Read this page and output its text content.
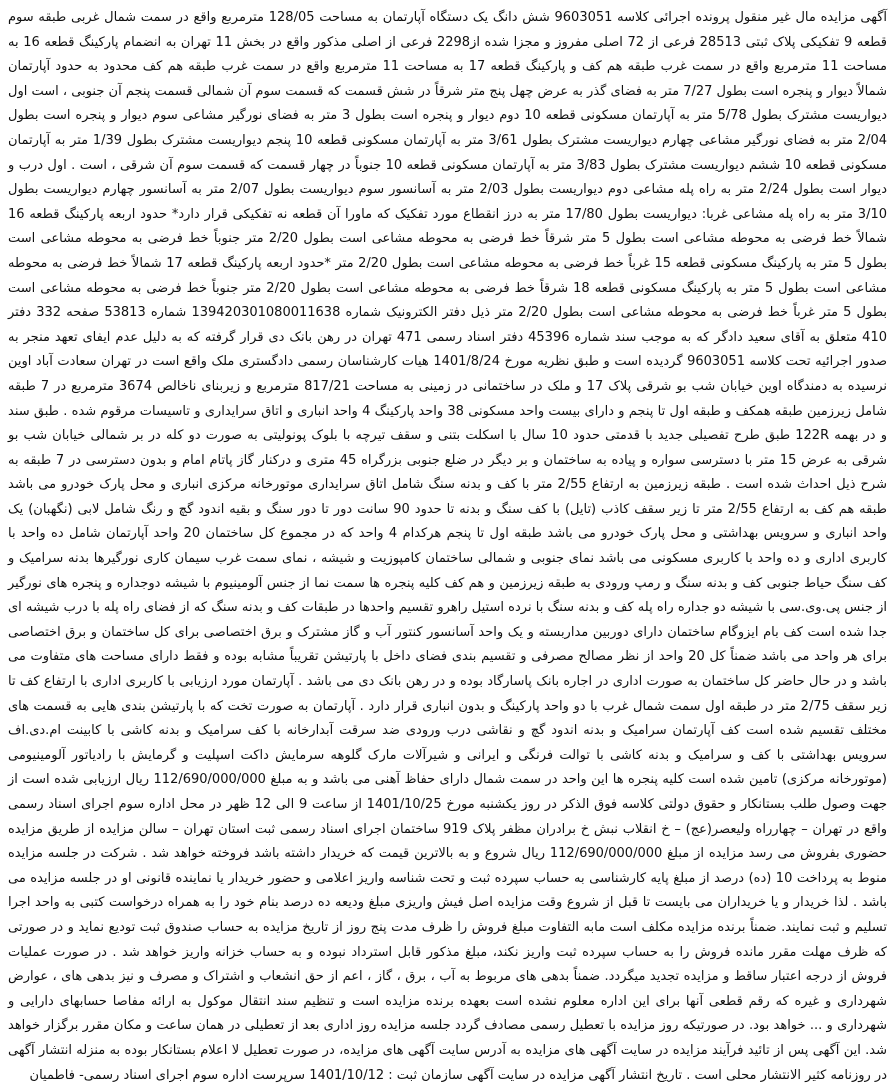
آگهی مزایده مال غیر منقول پرونده اجرائی کلاسه 9603051 شش دانگ یک دستگاه آپارتمان به مساحت 128/05 مترمربع واقع در سمت شمال غربی طبقه سوم قطعه 9 تفکیکی پلاک ثبتی 28513 فرعی از 72 اصلی مفروز و مجزا شده از2298 فرعی از اصلی مذکور واقع در بخش 11 تهران به انضمام پارکینگ قطعه 16 به مساحت 11 مترمربع واقع در سمت غرب طبقه هم کف و پارکینگ قطعه 17 به مساحت 11 مترمربع واقع در سمت غرب طبقه هم کف محدود به حدود آپارتمان شمالاً دیوار و پنجره است بطول 7/27 متر به فضای گذر به عرض چهل پنج متر شرقاً در شش قسمت که قسمت سوم آن شمالی قسمت پنجم آن جنوبی ، است اول دیواریست مشترک بطول 5/78 متر به آپارتمان مسکونی قطعه 10 دوم دیوار و پنجره است بطول 3 متر به فضای نورگیر مشاعی سوم دیوار و پنجره است بطول 2/04 متر به فضای نورگیر مشاعی چهارم دیواریست مشترک بطول 3/61 متر به آپارتمان مسکونی قطعه 10 پنجم دیواریست مشترک بطول 1/39 متر به آپارتمان مسکونی قطعه 10 ششم دیواریست مشترک بطول 3/83 متر به آپارتمان مسکونی قطعه 10 جنوباً در چهار قسمت که قسمت سوم آن شرقی ، است . اول درب و دیوار است بطول 2/24 متر به راه پله مشاعی دوم دیواریست بطول 2/03 متر به آسانسور سوم دیواریست بطول 2/07 متر به آسانسور چهارم دیواریست بطول 3/10 متر به راه پله مشاعی غربا: دیواریست بطول 17/80 متر به درز انقطاع مورد تفکیک که ماورا آن قطعه نه تفکیکی قرار دارد* حدود اربعه پارکینگ قطعه 16 شمالاً خط فرضی به محوطه مشاعی است بطول 5 متر شرقاً خط فرضی به محوطه مشاعی است بطول 2/20 متر جنوباً خط فرضی به محوطه مشاعی است بطول 5 متر به پارکینگ مسکونی قطعه 15 غرباً خط فرضی به محوطه مشاعی است بطول 2/20 متر *حدود اربعه پارکینگ قطعه 17 شمالاً خط فرضی به محوطه مشاعی است بطول 5 متر به پارکینگ مسکونی قطعه 18 شرقاً خط فرضی به محوطه مشاعی است بطول 2/20 متر جنوباً خط فرضی به محوطه مشاعی است بطول 5 متر غرباً خط فرضی به محوطه مشاعی است بطول 2/20 متر ذیل دفتر الکترونیک شماره 139420301080011638 شماره 53813 صفحه 332 دفتر 410 متعلق به آقای سعید دادگر که به موجب سند شماره 45396 دفتر اسناد رسمی 471 تهران در رهن بانک دی قرار گرفته که به دلیل عدم ایفای تعهد منجر به صدور اجرائیه تحت کلاسه 9603051 گردیده است و طبق نظریه مورخ 1401/8/24 هیات کارشناسان رسمی دادگستری ملک واقع است در تهران سعادت آباد اوین نرسیده به دمندگاه اوین خیابان شب بو شرقی پلاک 17 و ملک در ساختمانی در زمینی به مساحت 817/21 مترمربع و زیربنای ناخالص 3674 مترمربع در 7 طبقه شامل زیرزمین طبقه همکف و طبقه اول تا پنجم و دارای بیست واحد مسکونی 38 واحد پارکینگ 4 واحد انباری و اتاق سرایداری و تاسیسات مرقوم شده . طبق سند و در بهمه 122R طبق طرح تفصیلی جدید با قدمتی حدود 10 سال با اسکلت بتنی و سقف تیرچه با بلوک پونولیتی به صورت دو کله در بر شمالی خیابان شب بو شرقی به عرض 15 متر با دسترسی سواره و پیاده به ساختمان و بر دیگر در ضلع جنوبی بزرگراه 45 متری و درکنار گاز پاتام امام و بدون دسترسی در 7 طبقه به شرح ذیل احداث شده است . طبقه زیرزمین به ارتفاع 2/55 متر با کف و بدنه سنگ شامل اتاق سرایداری موتورخانه مرکزی انباری و محل پارک خودرو می باشد طبقه هم کف به ارتفاع 2/55 متر تا زیر سقف کاذب (تایل) با کف سنگ و بدنه تا حدود 90 سانت دور تا دور سنگ و بقیه اندود گچ و رنگ شامل لابی (نگهبان) یک واحد انباری و سرویس بهداشتی و محل پارک خودرو می باشد طبقه اول تا پنجم هرکدام 4 واحد که در مجموع کل ساختمان 20 واحد آپارتمان شامل ده واحد با کاربری اداری و ده واحد با کاربری مسکونی می باشد نمای جنوبی و شمالی ساختمان کامپوزیت و شیشه ، نمای سمت غرب سیمان کاری نورگیرها بدنه سرامیک و کف سنگ حیاط جنوبی کف و بدنه سنگ و رمپ ورودی به طبقه زیرزمین و هم کف کلیه پنجره ها سمت نما از جنس آلومینیوم با شیشه دوجداره و پنجره های نورگیر از جنس پی.وی.سی با شیشه دو جداره راه پله کف و بدنه سنگ با نرده استیل راهرو تقسیم واحدها در طبقات کف و بدنه سنگ که از فضای راه پله با درب شیشه ای جدا شده است کف بام ایزوگام ساختمان دارای دوربین مداربسته و یک واحد آسانسور کنتور آب و گاز مشترک و برق اختصاصی برای کل ساختمان و برق اختصاصی برای هر واحد می باشد ضمناً کل 20 واحد از نظر مصالح مصرفی و تقسیم بندی فضای داخل با پارتیشن تقریباً مشابه بوده و فقط دارای مساحت های متفاوت می باشد و در حال حاضر کل ساختمان به صورت اداری در اجاره بانک پاسارگاد بوده و در رهن بانک دی می باشد . آپارتمان مورد ارزیابی با کاربری اداری با ارتفاع کف تا زیر سقف 2/75 متر در طبقه اول سمت شمال غرب با دو واحد پارکینگ و بدون انباری قرار دارد . آپارتمان به صورت تخت که با پارتیشن بندی هایی به قسمت های مختلف تقسیم شده است کف آپارتمان سرامیک و بدنه اندود گچ و نقاشی درب ورودی ضد سرقت آبدارخانه با کف سرامیک و بدنه کاشی با کابینت ام.دی.اف سرویس بهداشتی با کف و سرامیک و بدنه کاشی با توالت فرنگی و ایرانی و شیرآلات مارک گلوهه سرمایش داکت اسپلیت و گرمایش با رادیاتور آلومینیومی (موتورخانه مرکزی) تامین شده است کلیه پنجره ها این واحد در سمت شمال دارای حفاظ آهنی می باشد و به مبلغ 112/690/000/000 ریال ارزیابی شده است از جهت وصول طلب بستانکار و حقوق دولتی کلاسه فوق الذکر در روز یکشنبه مورخ 1401/10/25 از ساعت 9 الی 12 ظهر در محل اداره سوم اجرای اسناد رسمی واقع در تهران – چهارراه ولیعصر(عج) – خ انقلاب نبش خ برادران مظفر پلاک 919 ساختمان اجرای اسناد رسمی ثبت استان تهران – سالن مزایده از طریق مزایده حضوری بفروش می رسد مزایده از مبلغ 112/690/000/000 ریال شروع و به بالاترین قیمت که خریدار داشته باشد فروخته خواهد شد . شرکت در جلسه مزایده منوط به پرداخت 10 (ده) درصد از مبلغ پایه کارشناسی به حساب سپرده ثبت و تحت شناسه واریز اعلامی و حضور خریدار یا نماینده قانونی او در جلسه مزایده می باشد . لذا خریدار و یا خریداران می بایست تا قبل از شروع وقت مزایده اصل فیش واریزی مبلغ ودیعه ده درصد بنام خود را به همراه درخواست کتبی به واحد اجرا تسلیم و ثبت نمایند. ضمناً برنده مزایده مکلف است مابه التفاوت مبلغ فروش را ظرف مدت پنج روز از تاریخ مزایده به حساب صندوق ثبت تودیع نماید و در صورتی که ظرف مهلت مقرر مانده فروش را به حساب سپرده ثبت واریز نکند، مبلغ مذکور قابل استرداد نبوده و به حساب خزانه واریز خواهد شد . در صورت عملیات فروش از درجه اعتبار ساقط و مزایده تجدید میگردد. ضمناً بدهی های مربوط به آب ، برق ، گاز ، اعم از حق انشعاب و اشتراک و مصرف و نیز بدهی های ، عوارض شهرداری و غیره که رقم قطعی آنها برای این اداره معلوم نشده است بعهده برنده مزایده است و تنظیم سند انتقال موکول به ارائه مفاصا حسابهای دارایی و شهرداری و ... خواهد بود. در صورتیکه روز مزایده با تعطیل رسمی مصادف گردد جلسه مزایده روز اداری بعد از تعطیلی در همان ساعت و مکان مقرر برگزار خواهد شد. این آگهی پس از تائید فرآیند مزایده در سایت آگهی های مزایده به آدرس سایت آگهی های مزایده، در صورت تعطیل لا اعلام بستانکار بوده به منزله انتشار آگهی در روزنامه کثیر الانتشار محلی است . تاریخ انتشار آگهی مزایده در سایت آگهی سازمان ثبت : 1401/10/12 سرپرست اداره سوم اجرای اسناد رسمی- فاطمیان
